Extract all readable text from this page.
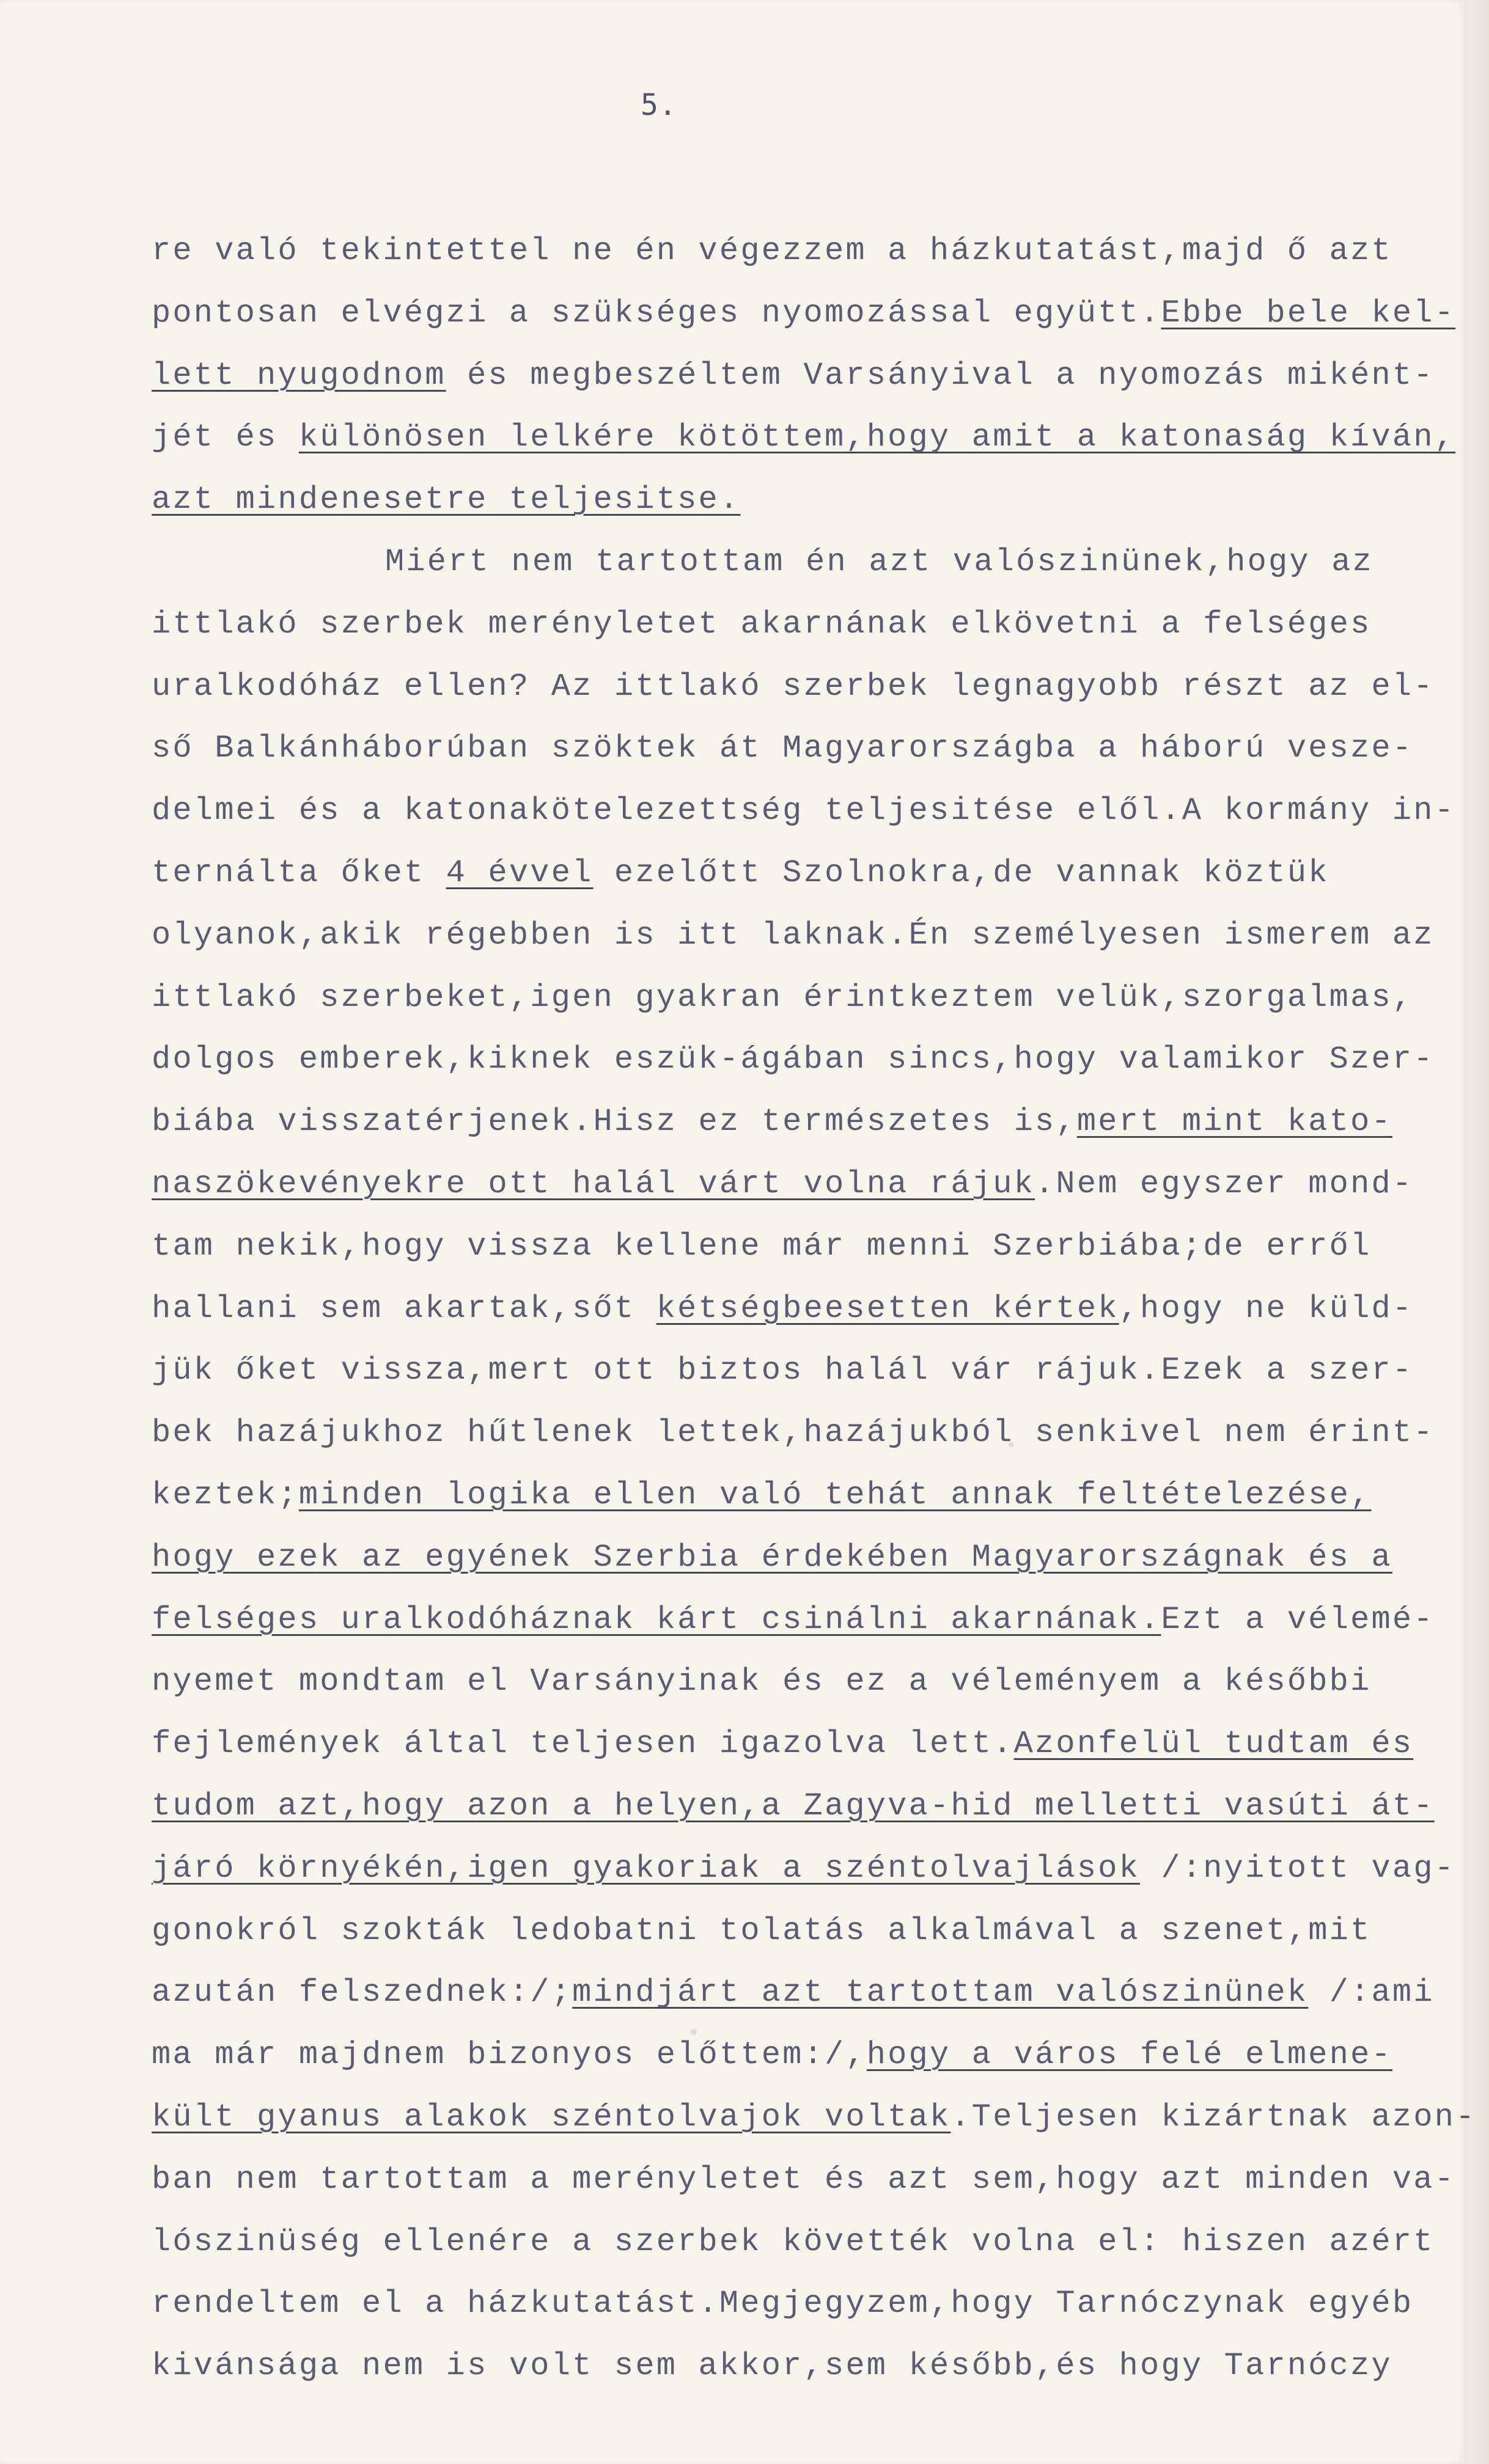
5.
re való tekintettel ne én végezzem a házkutatást,majd ő azt
pontosan elvégzi a szükséges nyomozással együtt.Ebbe bele kel-
lett nyugodnom és megbeszéltem Varsányival a nyomozás miként-
jét és különösen lelkére kötöttem,hogy amit a katonaság kíván,
azt mindenesetre teljesitse.
Miért nem tartottam én azt valószinünek,hogy az
ittlakó szerbek merényletet akarnának elkövetni a felséges
uralkodóház ellen? Az ittlakó szerbek legnagyobb részt az el-
ső Balkánháborúban szöktek át Magyarországba a háború vesze-
delmei és a katonakötelezettség teljesitése elől.A kormány in-
ternálta őket 4 évvel ezelőtt Szolnokra,de vannak köztük
olyanok,akik régebben is itt laknak.Én személyesen ismerem az
ittlakó szerbeket,igen gyakran érintkeztem velük,szorgalmas,
dolgos emberek,kiknek eszük-ágában sincs,hogy valamikor Szer-
biába visszatérjenek.Hisz ez természetes is,mert mint kato-
naszökevényekre ott halál várt volna rájuk.Nem egyszer mond-
tam nekik,hogy vissza kellene már menni Szerbiába;de erről
hallani sem akartak,sőt kétségbeesetten kértek,hogy ne küld-
jük őket vissza,mert ott biztos halál vár rájuk.Ezek a szer-
bek hazájukhoz hűtlenek lettek,hazájukból senkivel nem érint-
keztek;minden logika ellen való tehát annak feltételezése,
hogy ezek az egyének Szerbia érdekében Magyarországnak és a
felséges uralkodóháznak kárt csinálni akarnának.Ezt a vélemé-
nyemet mondtam el Varsányinak és ez a véleményem a későbbi
fejlemények által teljesen igazolva lett.Azonfelül tudtam és
tudom azt,hogy azon a helyen,a Zagyva-hid melletti vasúti át-
járó környékén,igen gyakoriak a széntolvajlások /:nyitott vag-
gonokról szokták ledobatni tolatás alkalmával a szenet,mit
azután felszednek:/;mindjárt azt tartottam valószinünek /:ami
ma már majdnem bizonyos előttem:/,hogy a város felé elmene-
kült gyanus alakok széntolvajok voltak.Teljesen kizártnak azon-
ban nem tartottam a merényletet és azt sem,hogy azt minden va-
lószinüség ellenére a szerbek követték volna el: hiszen azért
rendeltem el a házkutatást.Megjegyzem,hogy Tarnóczynak egyéb
kivánsága nem is volt sem akkor,sem később,és hogy Tarnóczy
